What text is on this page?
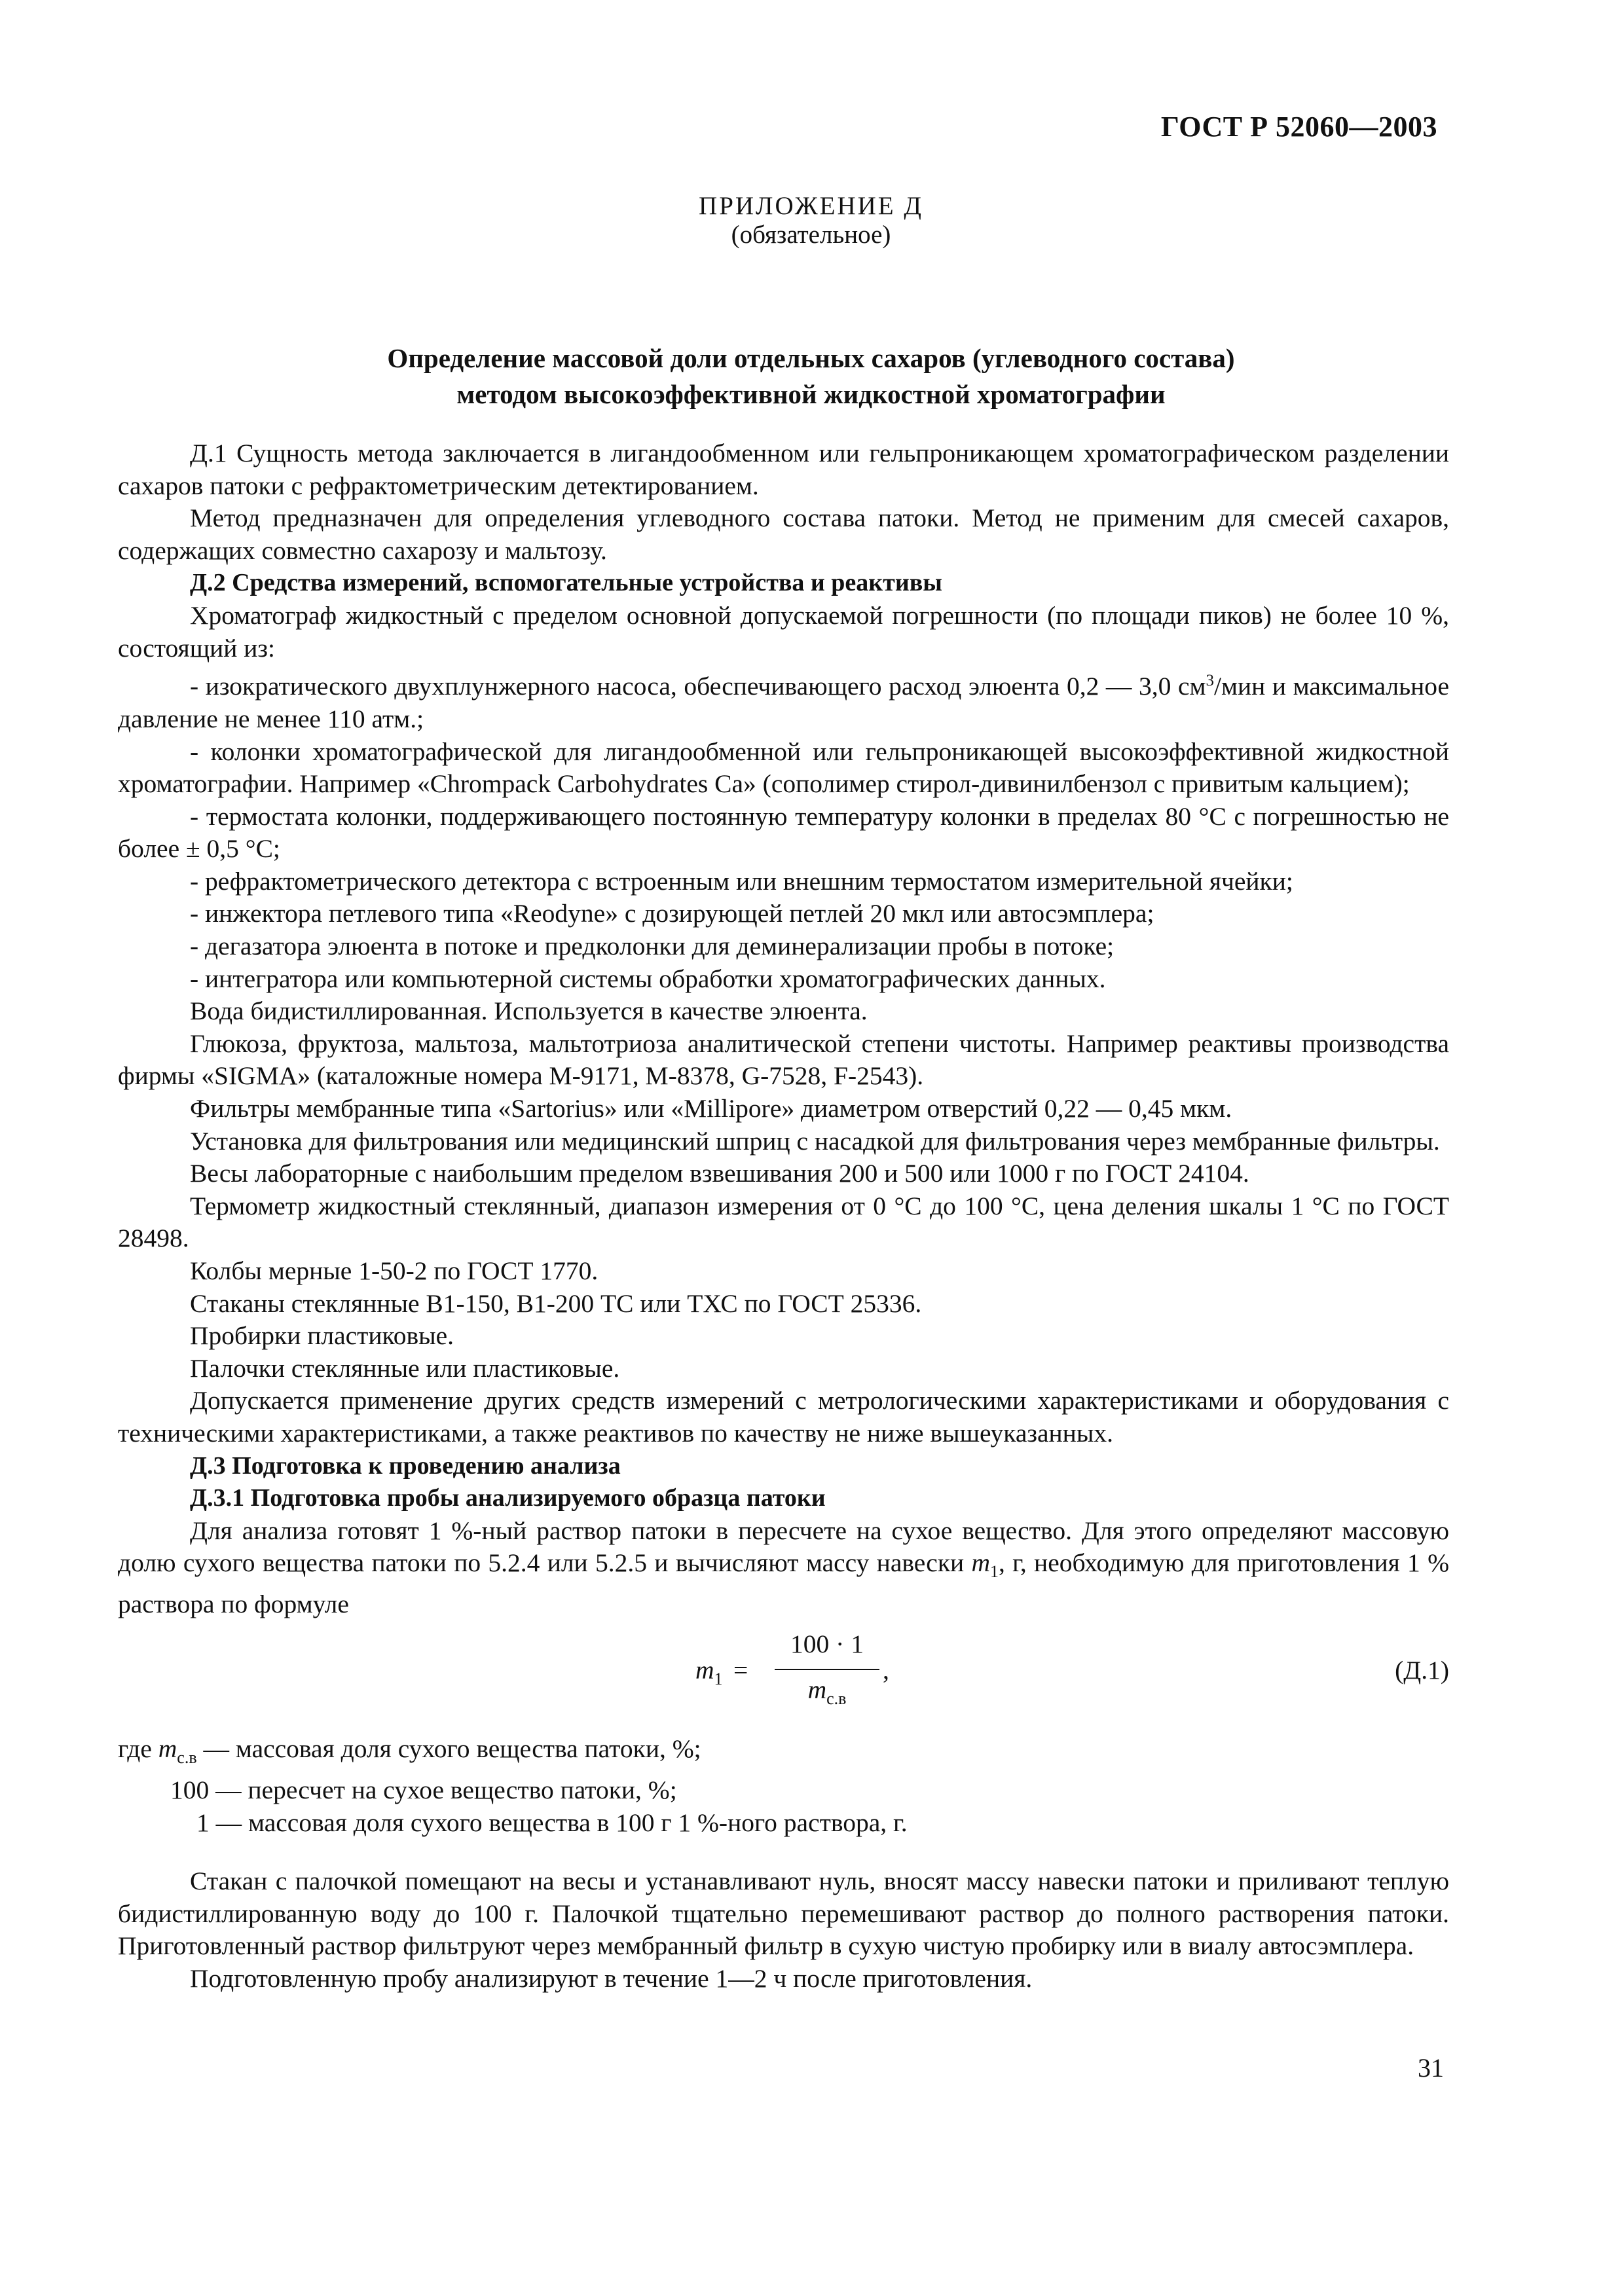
ГОСТ Р 52060—2003
ПРИЛОЖЕНИЕ Д
(обязательное)
Определение массовой доли отдельных сахаров (углеводного состава)
методом высокоэффективной жидкостной хроматографии

Д.1 Сущность метода заключается в лигандообменном или гельпроникающем хроматографическом разделении сахаров патоки с рефрактометрическим детектированием.

Метод предназначен для определения углеводного состава патоки. Метод не применим для смесей сахаров, содержащих совместно сахарозу и мальтозу.

Д.2 Средства измерений, вспомогательные устройства и реактивы

Хроматограф жидкостный с пределом основной допускаемой погрешности (по площади пиков) не более 10 %, состоящий из:

- изократического двухплунжерного насоса, обеспечивающего расход элюента 0,2 — 3,0 $см^3$/мин и максимальное давление не менее 110 атм.;

- колонки хроматографической для лигандообменной или гельпроникающей высокоэффективной жидкостной хроматографии. Например «Chrompack Carbohydrates Ca» (сополимер стирол-дивинилбензол с привитым кальцием);

- термостата колонки, поддерживающего постоянную температуру колонки в пределах 80 °С с погрешностью не более ± 0,5 °С;

- рефрактометрического детектора с встроенным или внешним термостатом измерительной ячейки;

- инжектора петлевого типа «Reodyne» с дозирующей петлей 20 мкл или автосэмплера;

- дегазатора элюента в потоке и предколонки для деминерализации пробы в потоке;

- интегратора или компьютерной системы обработки хроматографических данных.

Вода бидистиллированная. Используется в качестве элюента.

Глюкоза, фруктоза, мальтоза, мальтотриоза аналитической степени чистоты. Например реактивы производства фирмы «SIGMA» (каталожные номера M-9171, M-8378, G-7528, F-2543).

Фильтры мембранные типа «Sartorius» или «Millipore» диаметром отверстий 0,22 — 0,45 мкм.

Установка для фильтрования или медицинский шприц с насадкой для фильтрования через мембранные фильтры.

Весы лабораторные с наибольшим пределом взвешивания 200 и 500 или 1000 г по ГОСТ 24104.

Термометр жидкостный стеклянный, диапазон измерения от 0 °С до 100 °С, цена деления шкалы 1 °С по ГОСТ 28498.

Колбы мерные 1-50-2 по ГОСТ 1770.

Стаканы стеклянные В1-150, В1-200 ТС или ТХС по ГОСТ 25336.

Пробирки пластиковые.

Палочки стеклянные или пластиковые.

Допускается применение других средств измерений с метрологическими характеристиками и оборудования с техническими характеристиками, а также реактивов по качеству не ниже вышеуказанных.

Д.3 Подготовка к проведению анализа

Д.3.1 Подготовка пробы анализируемого образца патоки

Для анализа готовят 1 %-ный раствор патоки в пересчете на сухое вещество. Для этого определяют массовую долю сухого вещества патоки по 5.2.4 или 5.2.5 и вычисляют массу навески $m_1$, г, необходимую для приготовления 1 % раствора по формуле

$m_1$ =
100 · 1
$m_{с.в}$
,	(Д.1)
где $m_{с.в}$ — массовая доля сухого вещества патоки, %;
100 — пересчет на сухое вещество патоки, %;
1 — массовая доля сухого вещества в 100 г 1 %-ного раствора, г.

Стакан с палочкой помещают на весы и устанавливают нуль, вносят массу навески патоки и приливают теплую бидистиллированную воду до 100 г. Палочкой тщательно перемешивают раствор до полного растворения патоки. Приготовленный раствор фильтруют через мембранный фильтр в сухую чистую пробирку или в виалу автосэмплера.

Подготовленную пробу анализируют в течение 1—2 ч после приготовления.

31
